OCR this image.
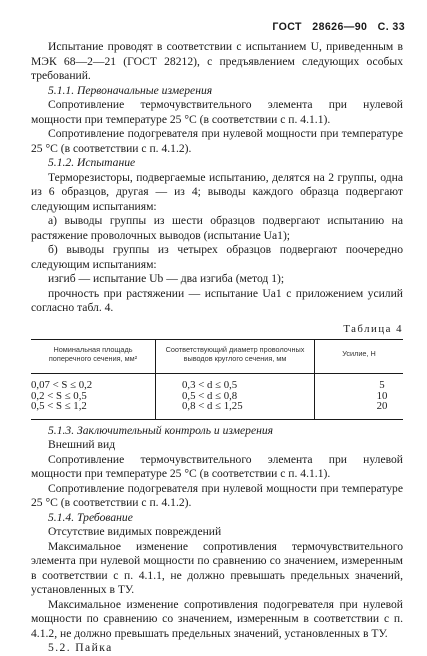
ГОСТ 28626—90 С. 33

Испытание проводят в соответствии с испытанием U, приведенным в МЭК 68—2—21 (ГОСТ 28212), с предъявлением следующих особых требований.

5.1.1. Первоначальные измерения

Сопротивление термочувствительного элемента при нулевой мощности при температуре 25 °C (в соответствии с п. 4.1.1).

Сопротивление подогревателя при нулевой мощности при температуре 25 °C (в соответствии с п. 4.1.2).

5.1.2. Испытание

Терморезисторы, подвергаемые испытанию, делятся на 2 группы, одна из 6 образцов, другая — из 4; выводы каждого образца подвергают следующим испытаниям:

а) выводы группы из шести образцов подвергают испытанию на растяжение проволочных выводов (испытание Ua1);

б) выводы группы из четырех образцов подвергают поочередно следующим испытаниям:

изгиб — испытание Ub — два изгиба (метод 1);

прочность при растяжении — испытание Ua1 с приложением усилий согласно табл. 4.

Таблица 4
Номинальная площадь поперечного сечения, мм²	Соответствующий диаметр проволочных выводов круглого сечения, мм	Усилие, Н
0,07 < S ≤ 0,2	0,3 < d ≤ 0,5	5
0,2 < S ≤ 0,5	0,5 < d ≤ 0,8	10
0,5 < S ≤ 1,2	0,8 < d ≤ 1,25	20

5.1.3. Заключительный контроль и измерения

Внешний вид

Сопротивление термочувствительного элемента при нулевой мощности при температуре 25 °C (в соответствии с п. 4.1.1).

Сопротивление подогревателя при нулевой мощности при температуре 25 °C (в соответствии с п. 4.1.2).

5.1.4. Требование

Отсутствие видимых повреждений

Максимальное изменение сопротивления термочувствительного элемента при нулевой мощности по сравнению со значением, измеренным в соответствии с п. 4.1.1, не должно превышать предельных значений, установленных в ТУ.

Максимальное изменение сопротивления подогревателя при нулевой мощности по сравнению со значением, измеренным в соответствии с п. 4.1.2, не должно превышать предельных значений, установленных в ТУ.

5.2. Пайка
